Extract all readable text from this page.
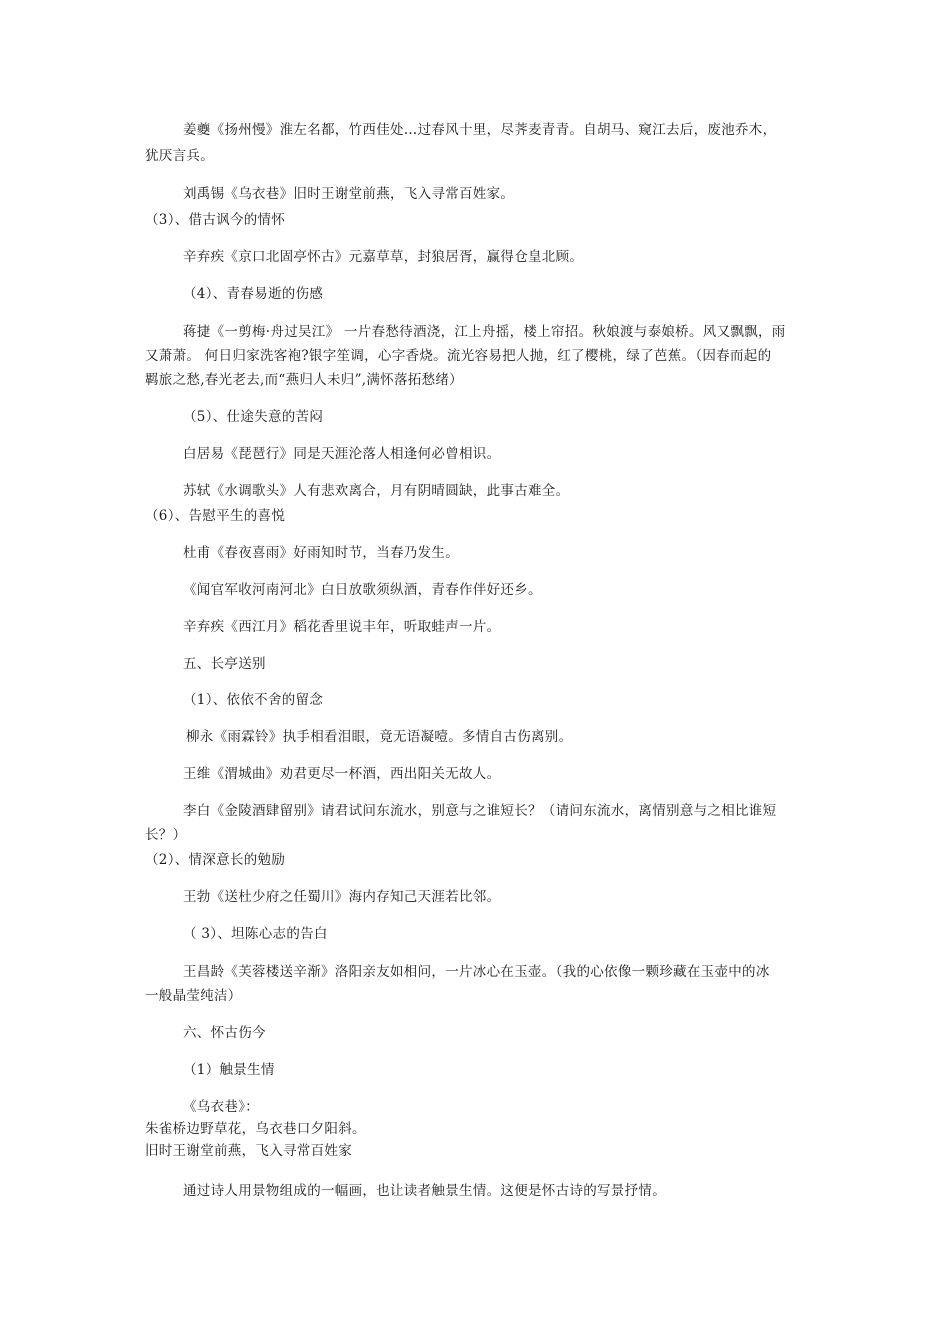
姜夔《扬州慢》淮左名都，竹西佳处…过春风十里，尽荠麦青青。自胡马、窥江去后，废池乔木，
犹厌言兵。
刘禹锡《乌衣巷》旧时王谢堂前燕，飞入寻常百姓家。
（3）、借古讽今的情怀
辛弃疾《京口北固亭怀古》元嘉草草，封狼居胥，赢得仓皇北顾。
（4）、青春易逝的伤感
蒋捷《一剪梅·舟过吴江》 一片春愁待酒浇，江上舟摇，楼上帘招。秋娘渡与泰娘桥。风又飘飘，雨
又萧萧。 何日归家洗客袍?银字笙调，心字香烧。流光容易把人抛，红了樱桃，绿了芭蕉。（因春而起的
羁旅之愁,春光老去,而“燕归人未归”,满怀落拓愁绪）
（5）、仕途失意的苦闷
白居易《琵琶行》同是天涯沦落人相逢何必曾相识。
苏轼《水调歌头》人有悲欢离合，月有阴晴圆缺，此事古难全。
（6）、告慰平生的喜悦
杜甫《春夜喜雨》好雨知时节，当春乃发生。
《闻官军收河南河北》白日放歌须纵酒，青春作伴好还乡。
辛弃疾《西江月》稻花香里说丰年，听取蛙声一片。
五、长亭送别
（1）、依依不舍的留念
柳永《雨霖铃》执手相看泪眼，竟无语凝噎。多情自古伤离别。
王维《渭城曲》劝君更尽一杯酒，西出阳关无故人。
李白《金陵酒肆留别》请君试问东流水，别意与之谁短长？（请问东流水，离情别意与之相比谁短
长？）
（2）、情深意长的勉励
王勃《送杜少府之任蜀川》海内存知己天涯若比邻。
（ 3）、坦陈心志的告白
王昌龄《芙蓉楼送辛渐》洛阳亲友如相问，一片冰心在玉壶。（我的心依像一颗珍藏在玉壶中的冰
一般晶莹纯洁）
六、怀古伤今
（1）触景生情
《乌衣巷》：
朱雀桥边野草花，乌衣巷口夕阳斜。
旧时王谢堂前燕，飞入寻常百姓家
通过诗人用景物组成的一幅画，也让读者触景生情。这便是怀古诗的写景抒情。
